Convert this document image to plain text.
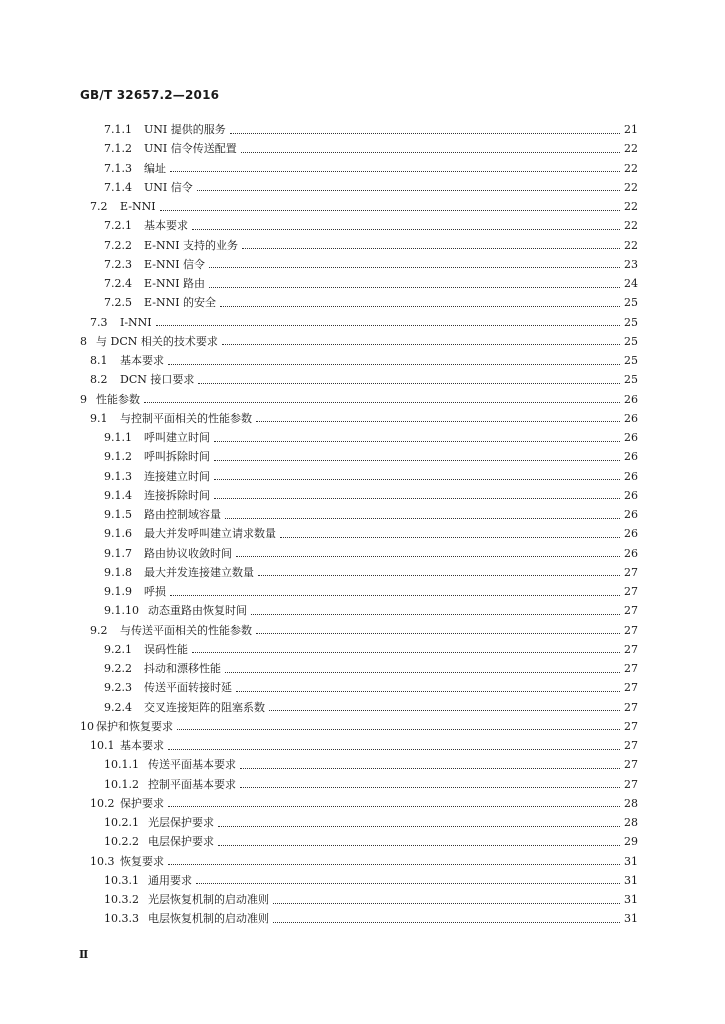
GB/T 32657.2—2016
7.1.1	UNI 提供的服务	21
7.1.2	UNI 信令传送配置	22
7.1.3	编址	22
7.1.4	UNI 信令	22
7.2	E-NNI	22
7.2.1	基本要求	22
7.2.2	E-NNI 支持的业务	22
7.2.3	E-NNI 信令	23
7.2.4	E-NNI 路由	24
7.2.5	E-NNI 的安全	25
7.3	I-NNI	25
8 与 DCN 相关的技术要求	25
8.1	基本要求	25
8.2	DCN 接口要求	25
9 性能参数	26
9.1	与控制平面相关的性能参数	26
9.1.1	呼叫建立时间	26
9.1.2	呼叫拆除时间	26
9.1.3	连接建立时间	26
9.1.4	连接拆除时间	26
9.1.5	路由控制域容量	26
9.1.6	最大并发呼叫建立请求数量	26
9.1.7	路由协议收敛时间	26
9.1.8	最大并发连接建立数量	27
9.1.9	呼损	27
9.1.10 动态重路由恢复时间	27
9.2	与传送平面相关的性能参数	27
9.2.1	误码性能	27
9.2.2	抖动和漂移性能	27
9.2.3	传送平面转接时延	27
9.2.4	交叉连接矩阵的阻塞系数	27
10 保护和恢复要求	27
10.1 基本要求	27
10.1.1 传送平面基本要求	27
10.1.2 控制平面基本要求	27
10.2 保护要求	28
10.2.1 光层保护要求	28
10.2.2 电层保护要求	29
10.3 恢复要求	31
10.3.1 通用要求	31
10.3.2 光层恢复机制的启动准则	31
10.3.3 电层恢复机制的启动准则	31
Ⅱ
